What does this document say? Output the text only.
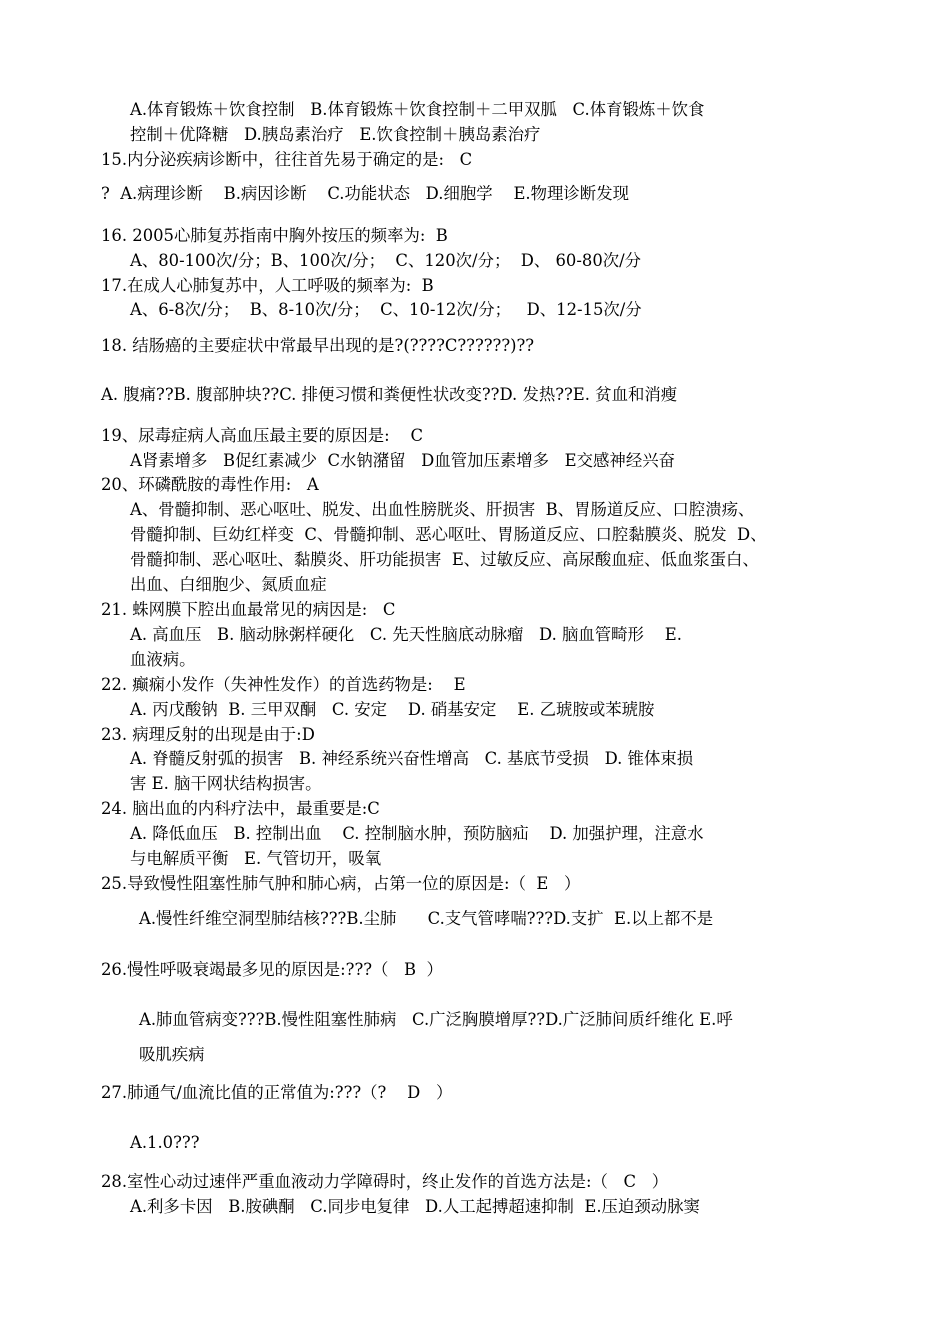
A.体育锻炼＋饮食控制   B.体育锻炼＋饮食控制＋二甲双胍   C.体育锻炼＋饮食
控制＋优降糖   D.胰岛素治疗   E.饮食控制＋胰岛素治疗
15.内分泌疾病诊断中，往往首先易于确定的是:   C
?  A.病理诊断    B.病因诊断    C.功能状态   D.细胞学    E.物理诊断发现
16. 2005心肺复苏指南中胸外按压的频率为:  B
A、80-100次/分；B、100次/分；  C、120次/分；  D、 60-80次/分
17.在成人心肺复苏中，人工呼吸的频率为:  B
A、6-8次/分；  B、8-10次/分；  C、10-12次/分；   D、12-15次/分
18. 结肠癌的主要症状中常最早出现的是?(????C??????)??
A. 腹痛??B. 腹部肿块??C. 排便习惯和粪便性状改变??D. 发热??E. 贫血和消瘦
19、尿毒症病人高血压最主要的原因是:    C
A肾素增多   B促红素减少  C水钠潴留   D血管加压素增多   E交感神经兴奋
20、环磷酰胺的毒性作用:   A
A、骨髓抑制、恶心呕吐、脱发、出血性膀胱炎、肝损害  B、胃肠道反应、口腔溃疡、
骨髓抑制、巨幼红样变  C、骨髓抑制、恶心呕吐、胃肠道反应、口腔黏膜炎、脱发  D、
骨髓抑制、恶心呕吐、黏膜炎、肝功能损害  E、过敏反应、高尿酸血症、低血浆蛋白、
出血、白细胞少、氮质血症
21. 蛛网膜下腔出血最常见的病因是:   C
A. 高血压   B. 脑动脉粥样硬化   C. 先天性脑底动脉瘤   D. 脑血管畸形    E.
血液病。
22. 癫痫小发作（失神性发作）的首选药物是:    E
A. 丙戊酸钠  B. 三甲双酮   C. 安定    D. 硝基安定    E. 乙琥胺或苯琥胺
23. 病理反射的出现是由于:D
A. 脊髓反射弧的损害   B. 神经系统兴奋性增高   C. 基底节受损   D. 锥体束损
害 E. 脑干网状结构损害。
24. 脑出血的内科疗法中，最重要是:C
A. 降低血压   B. 控制出血    C. 控制脑水肿，预防脑疝    D. 加强护理，注意水
与电解质平衡   E. 气管切开，吸氧
25.导致慢性阻塞性肺气肿和肺心病，占第一位的原因是:（  E   ）
A.慢性纤维空洞型肺结核???B.尘肺      C.支气管哮喘???D.支扩  E.以上都不是
26.慢性呼吸衰竭最多见的原因是:???（   B  ）
A.肺血管病变???B.慢性阻塞性肺病   C.广泛胸膜增厚??D.广泛肺间质纤维化 E.呼
吸肌疾病
27.肺通气/血流比值的正常值为:???（?    D   ）
A.1.0???
28.室性心动过速伴严重血液动力学障碍时，终止发作的首选方法是:（   C   ）
A.利多卡因   B.胺碘酮   C.同步电复律   D.人工起搏超速抑制  E.压迫颈动脉窦
